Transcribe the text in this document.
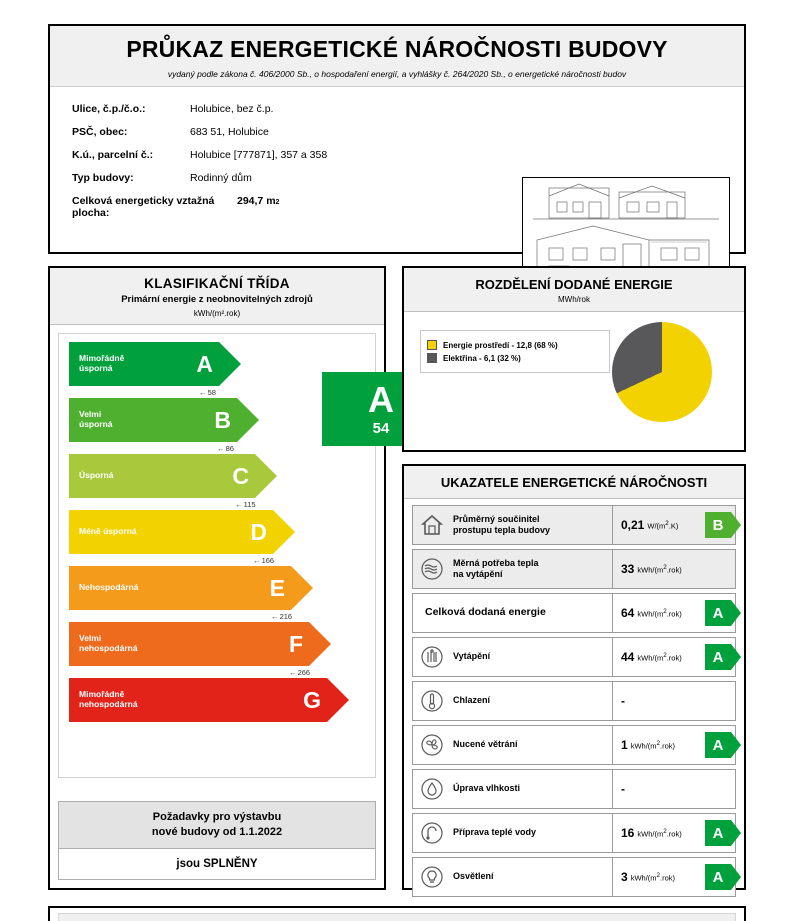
PRŮKAZ ENERGETICKÉ NÁROČNOSTI BUDOVY
vydaný podle zákona č. 406/2000 Sb., o hospodaření energií, a vyhlášky č. 264/2020 Sb., o energetické náročnosti budov
Ulice, č.p./č.o.:	Holubice, bez č.p.
PSČ, obec:	683 51, Holubice
K.ú., parcelní č.:	Holubice [777871], 357 a 358
Typ budovy:	Rodinný dům
Celková energeticky vztažná plocha:
294,7 m 2
KLASIFIKAČNÍ TŘÍDA
Primární energie z neobnovitelných zdrojů
kWh/(m².rok)
Mimořádně
úsporná	A
← 58
Velmi
úsporná	B
← 86
Úsporná	C
← 115
Méně úsporná	D
← 166
Nehospodárná	E
← 216
Velmi
nehospodárná	F
← 266
Mimořádně
nehospodárná	G
A
54
Požadavky pro výstavbu
nové budovy od 1.1.2022
jsou SPLNĚNY
ROZDĚLENÍ DODANÉ ENERGIE
MWh/rok
Energie prostředí - 12,8 (68 %)
Elektřina - 6,1 (32 %)
UKAZATELE ENERGETICKÉ NÁROČNOSTI
Průměrný součinitel
prostupu tepla budovy	0,21 $W/(m^2.K)$	B
Měrná potřeba tepla
na vytápění	33 kWh/$(m^2.rok)$
Celková dodaná energie	64 kWh/$(m^2.rok)$	A
Vytápění	44 kWh/$(m^2.rok)$	A
Chlazení	-
Nucené větrání	1 kWh/$(m^2.rok)$	A
Úprava vlhkosti	-
Příprava teplé vody	16 kWh/$(m^2.rok)$	A
Osvětlení	3 kWh/$(m^2.rok)$	A
